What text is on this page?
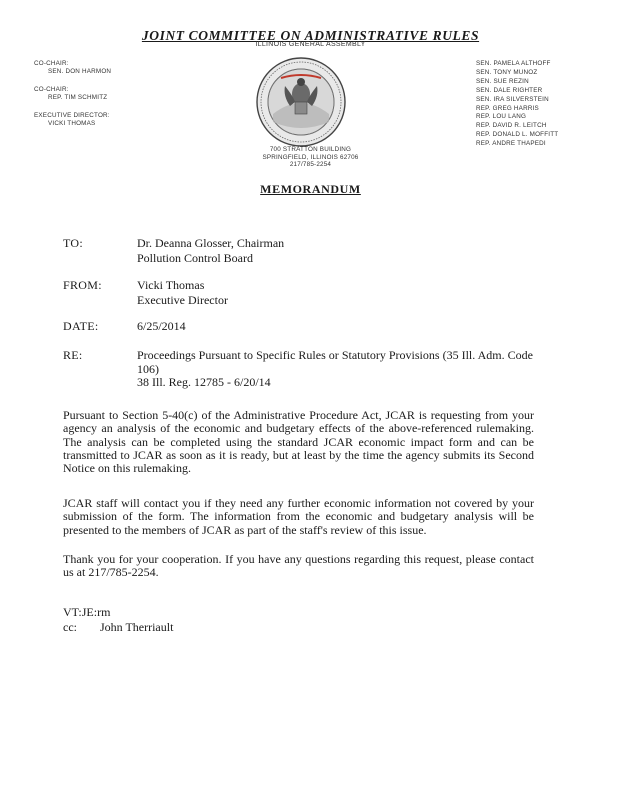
JOINT COMMITTEE ON ADMINISTRATIVE RULES
ILLINOIS GENERAL ASSEMBLY
CO-CHAIR:
SEN. DON HARMON
CO-CHAIR:
REP. TIM SCHMITZ
EXECUTIVE DIRECTOR:
VICKI THOMAS
SEN. PAMELA ALTHOFF
SEN. TONY MUNOZ
SEN. SUE REZIN
SEN. DALE RIGHTER
SEN. IRA SILVERSTEIN
REP. GREG HARRIS
REP. LOU LANG
REP. DAVID R. LEITCH
REP. DONALD L. MOFFITT
REP. ANDRE THAPEDI
700 STRATTON BUILDING
SPRINGFIELD, ILLINOIS 62706
217/785-2254
MEMORANDUM
TO:	Dr. Deanna Glosser, Chairman
Pollution Control Board
FROM:	Vicki Thomas
Executive Director
DATE:	6/25/2014
RE:	Proceedings Pursuant to Specific Rules or Statutory Provisions (35 Ill. Adm. Code 106)
38 Ill. Reg. 12785 - 6/20/14
Pursuant to Section 5-40(c) of the Administrative Procedure Act, JCAR is requesting from your agency an analysis of the economic and budgetary effects of the above-referenced rulemaking. The analysis can be completed using the standard JCAR economic impact form and can be transmitted to JCAR as soon as it is ready, but at least by the time the agency submits its Second Notice on this rulemaking.
JCAR staff will contact you if they need any further economic information not covered by your submission of the form. The information from the economic and budgetary analysis will be presented to the members of JCAR as part of the staff's review of this issue.
Thank you for your cooperation. If you have any questions regarding this request, please contact us at 217/785-2254.
VT:JE:rm
cc: John Therriault
